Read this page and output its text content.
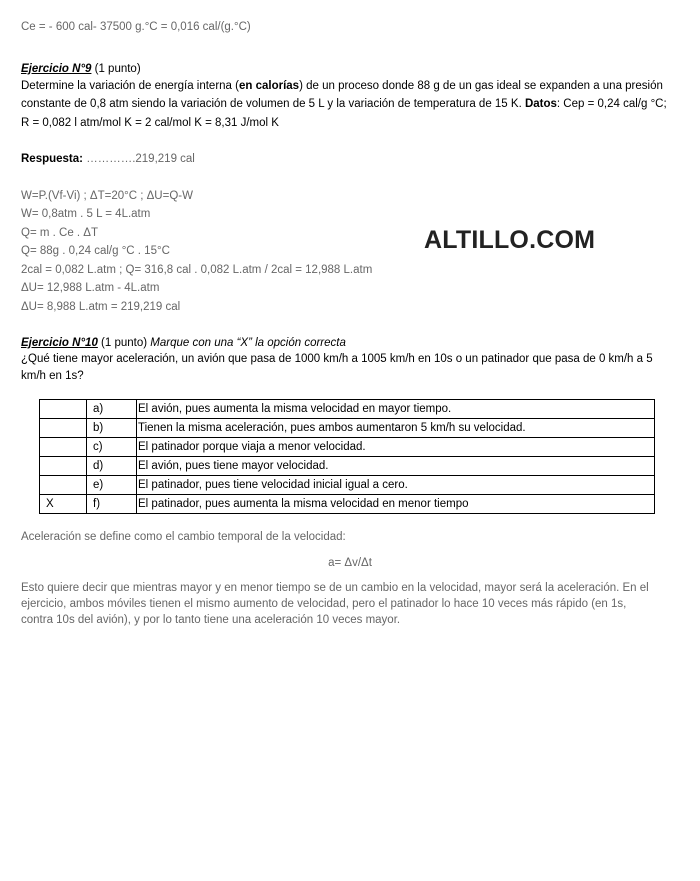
Ce = - 600 cal- 37500 g.°C = 0,016 cal/(g.°C)
Ejercicio N°9 (1 punto)
Determine la variación de energía interna (en calorías) de un proceso donde 88 g de un gas ideal se expanden a una presión
constante de 0,8 atm siendo la variación de volumen de 5 L y la variación de temperatura de 15 K. Datos: Cep = 0,24 cal/g °C;
R = 0,082 l atm/mol K = 2 cal/mol K = 8,31 J/mol K
Respuesta: ………….219,219 cal
W=P.(Vf-Vi) ; ΔT=20°C ; ΔU=Q-W
W= 0,8atm . 5 L = 4L.atm
Q= m . Ce . ΔT
Q= 88g . 0,24 cal/g °C . 15°C
2cal = 0,082 L.atm ; Q= 316,8 cal . 0,082 L.atm / 2cal = 12,988 L.atm
ΔU= 12,988 L.atm - 4L.atm
ΔU= 8,988 L.atm = 219,219 cal
ALTILLO.COM
Ejercicio N°10 (1 punto) Marque con una “X” la opción correcta
¿Qué tiene mayor aceleración, un avión que pasa de 1000 km/h a 1005 km/h en 10s o un patinador que pasa de 0 km/h a 5
km/h en 1s?
	a)	El avión, pues aumenta la misma velocidad en mayor tiempo.
	b)	Tienen la misma aceleración, pues ambos aumentaron 5 km/h su velocidad.
	c)	El patinador porque viaja a menor velocidad.
	d)	El avión, pues tiene mayor velocidad.
	e)	El patinador, pues tiene velocidad inicial igual a cero.
X	f)	El patinador, pues aumenta la misma velocidad en menor tiempo
Aceleración se define como el cambio temporal de la velocidad:
a= Δv/Δt
Esto quiere decir que mientras mayor y en menor tiempo se de un cambio en la velocidad, mayor será la aceleración. En el
ejercicio, ambos móviles tienen el mismo aumento de velocidad, pero el patinador lo hace 10 veces más rápido (en 1s,
contra 10s del avión), y por lo tanto tiene una aceleración 10 veces mayor.
